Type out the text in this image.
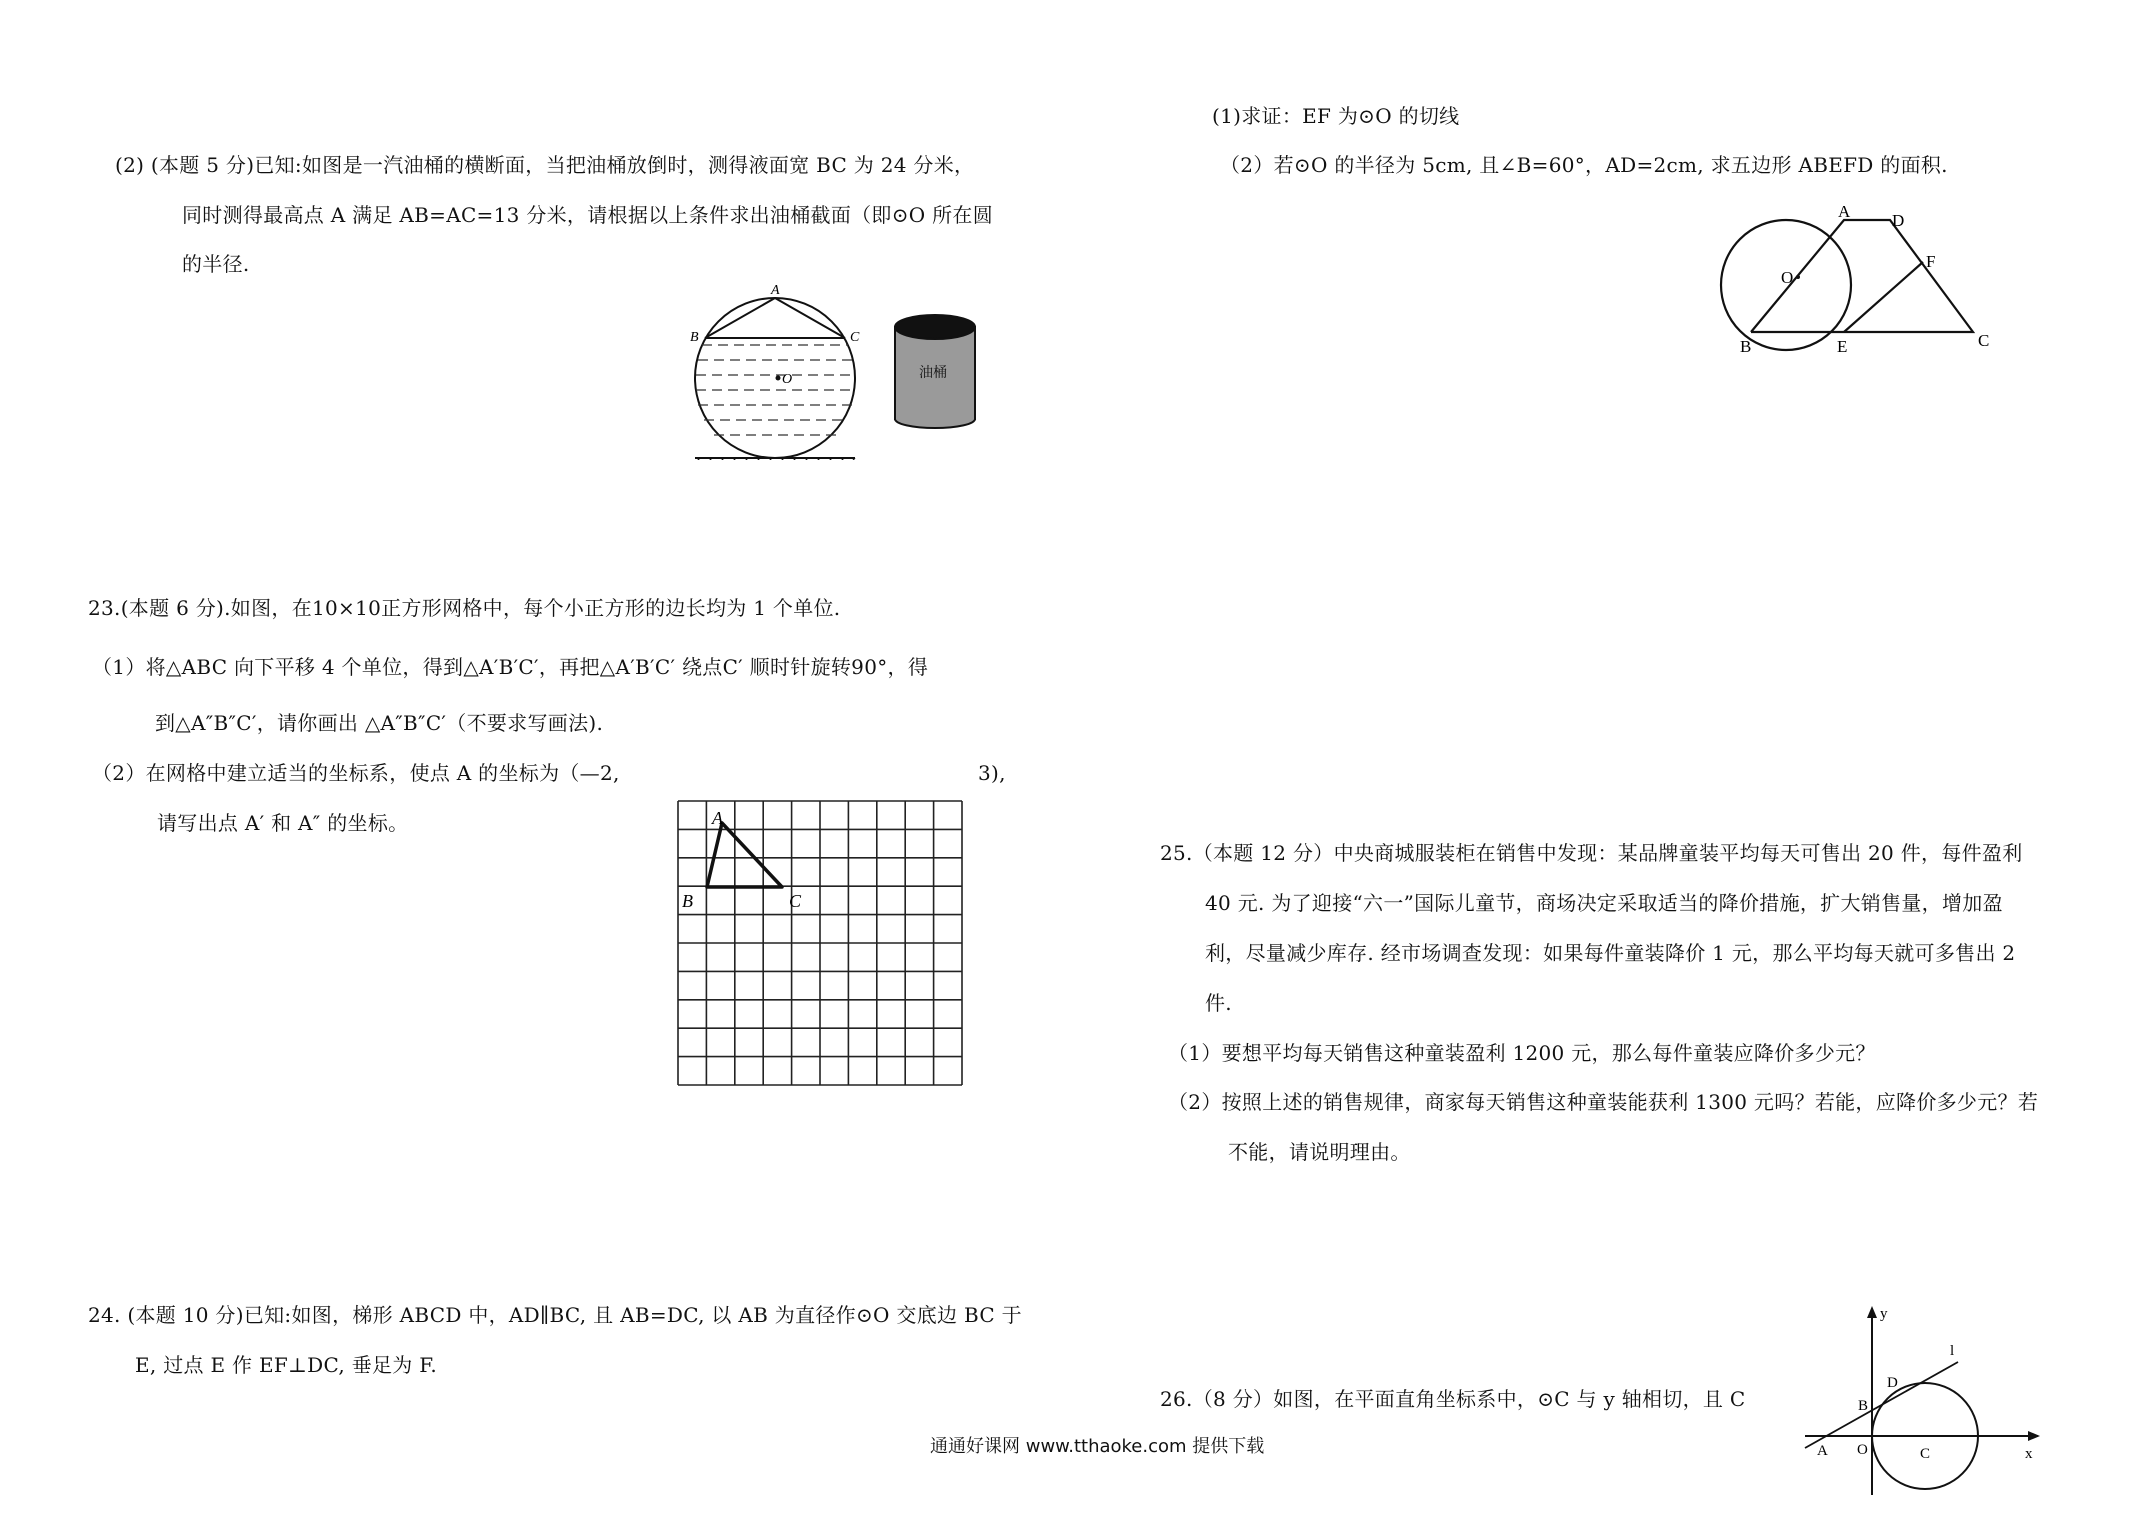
(2) (本题 5 分)已知:如图是一汽油桶的横断面，当把油桶放倒时，测得液面宽 BC 为 24 分米，
同时测得最高点 A 满足 AB=AC=13 分米，请根据以上条件求出油桶截面（即⊙O 所在圆
的半径.
A
B	C
O	油桶
23.(本题 6 分).如图，在10×10正方形网格中，每个小正方形的边长均为 1 个单位.
（1）将△ABC 向下平移 4 个单位，得到△A′B′C′，再把△A′B′C′ 绕点C′ 顺时针旋转90°，得
到△A″B″C′，请你画出 △A″B″C′（不要求写画法).
（2）在网格中建立适当的坐标系，使点 A 的坐标为（—2,	3),
请写出点 A′ 和 A″ 的坐标。	A
B	C
24. (本题 10 分)已知:如图，梯形 ABCD 中，AD∥BC, 且 AB=DC, 以 AB 为直径作⊙O 交底边 BC 于
E, 过点 E 作 EF⊥DC, 垂足为 F.
(1)求证：EF 为⊙O 的切线
（2）若⊙O 的半径为 5cm, 且∠B=60°，AD=2cm, 求五边形 ABEFD 的面积.
A D
F
O
B	E	C
25.（本题 12 分）中央商城服装柜在销售中发现：某品牌童装平均每天可售出 20 件，每件盈利
40 元. 为了迎接“六一”国际儿童节，商场决定采取适当的降价措施，扩大销售量，增加盈
利，尽量减少库存. 经市场调查发现：如果每件童装降价 1 元，那么平均每天就可多售出 2
件.
（1）要想平均每天销售这种童装盈利 1200 元，那么每件童装应降价多少元？
（2）按照上述的销售规律，商家每天销售这种童装能获利 1300 元吗？若能，应降价多少元？若
不能，请说明理由。
26.（8 分）如图，在平面直角坐标系中，⊙C 与 y 轴相切，且 C
y
l
D
B
A O	C	x
通通好课网 www.tthaoke.com 提供下载
